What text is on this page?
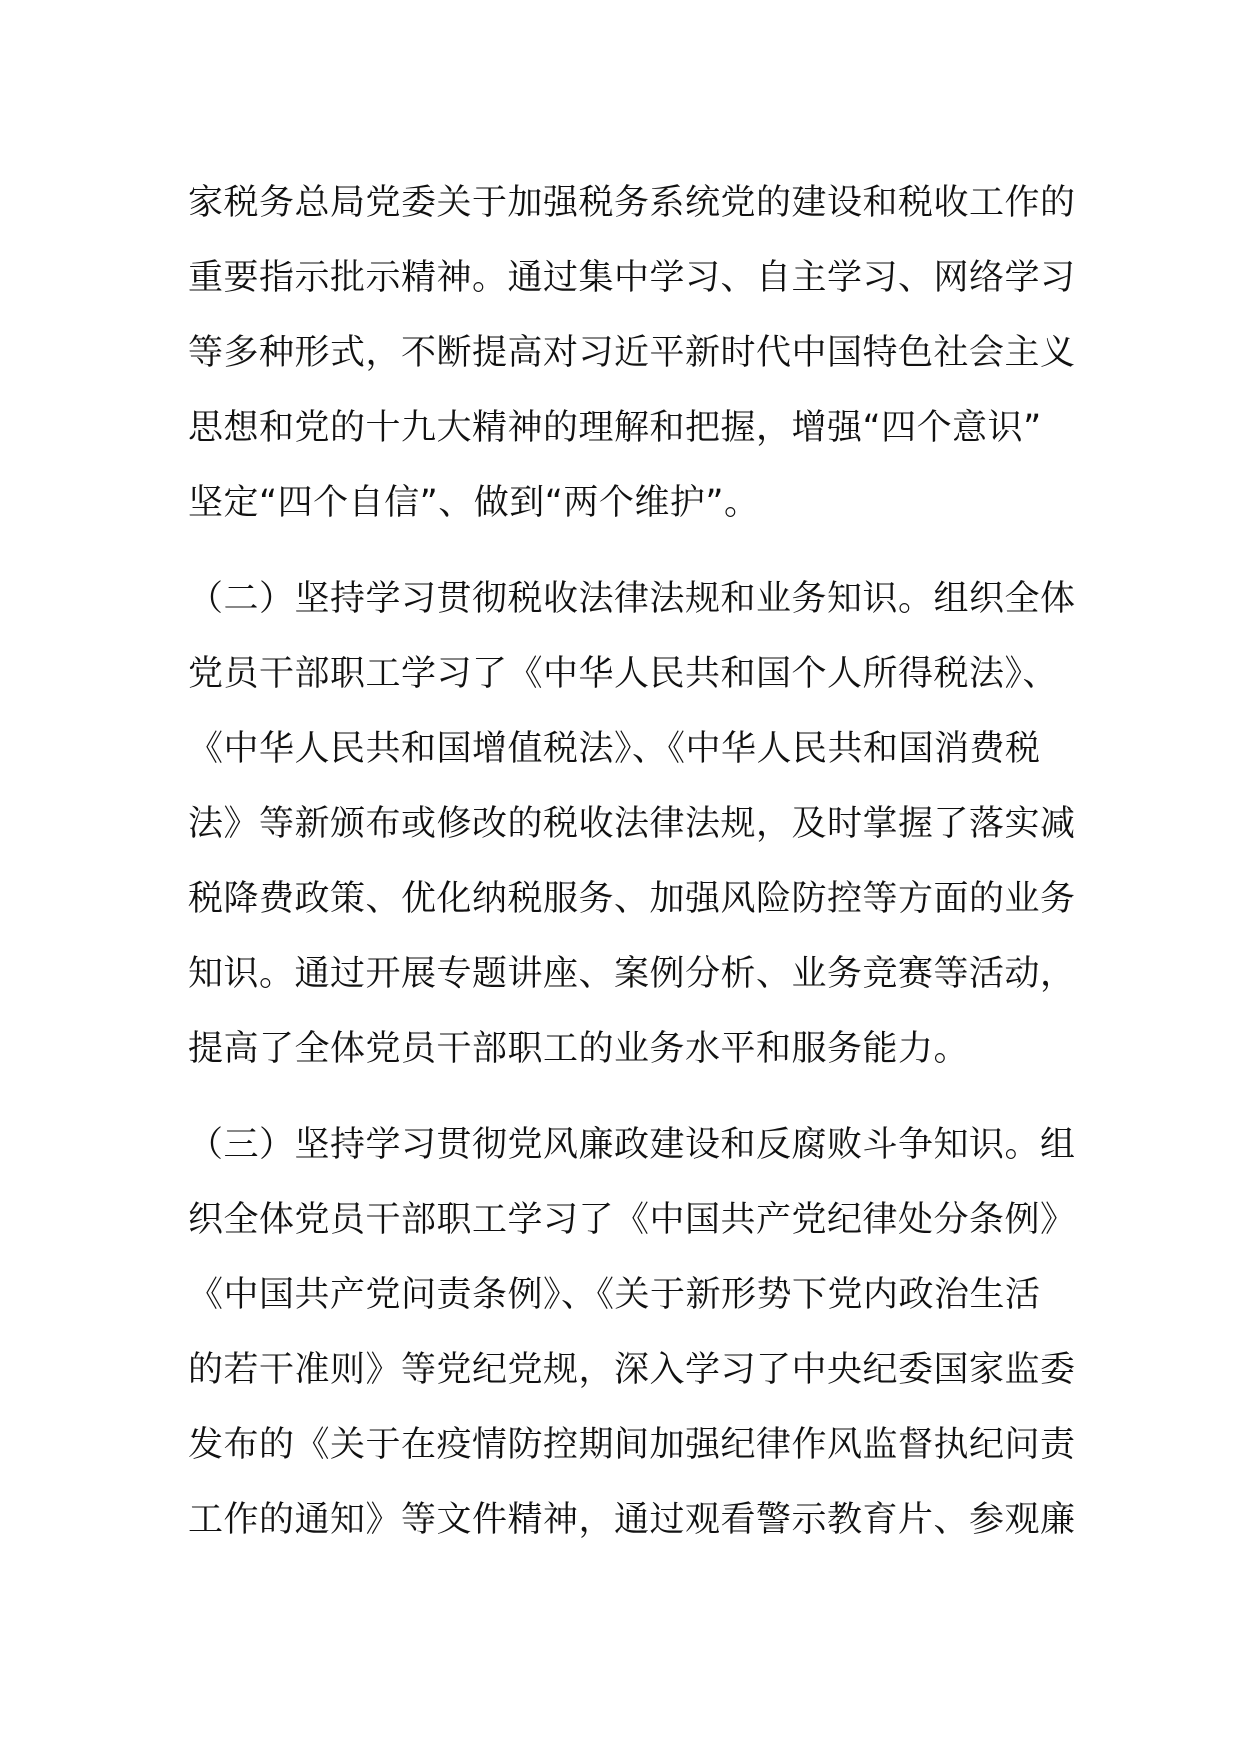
家税务总局党委关于加强税务系统党的建设和税收工作的
重要指示批示精神。通过集中学习、自主学习、网络学习
等多种形式，不断提高对习近平新时代中国特色社会主义
思想和党的十九大精神的理解和把握，增强“四个意识”
坚定“四个自信”、做到“两个维护”。
（二）坚持学习贯彻税收法律法规和业务知识。组织全体
党员干部职工学习了《中华人民共和国个人所得税法》、
《中华人民共和国增值税法》、《中华人民共和国消费税
法》等新颁布或修改的税收法律法规，及时掌握了落实减
税降费政策、优化纳税服务、加强风险防控等方面的业务
知识。通过开展专题讲座、案例分析、业务竞赛等活动，
提高了全体党员干部职工的业务水平和服务能力。
（三）坚持学习贯彻党风廉政建设和反腐败斗争知识。组
织全体党员干部职工学习了《中国共产党纪律处分条例》
《中国共产党问责条例》、《关于新形势下党内政治生活
的若干准则》等党纪党规，深入学习了中央纪委国家监委
发布的《关于在疫情防控期间加强纪律作风监督执纪问责
工作的通知》等文件精神，通过观看警示教育片、参观廉
